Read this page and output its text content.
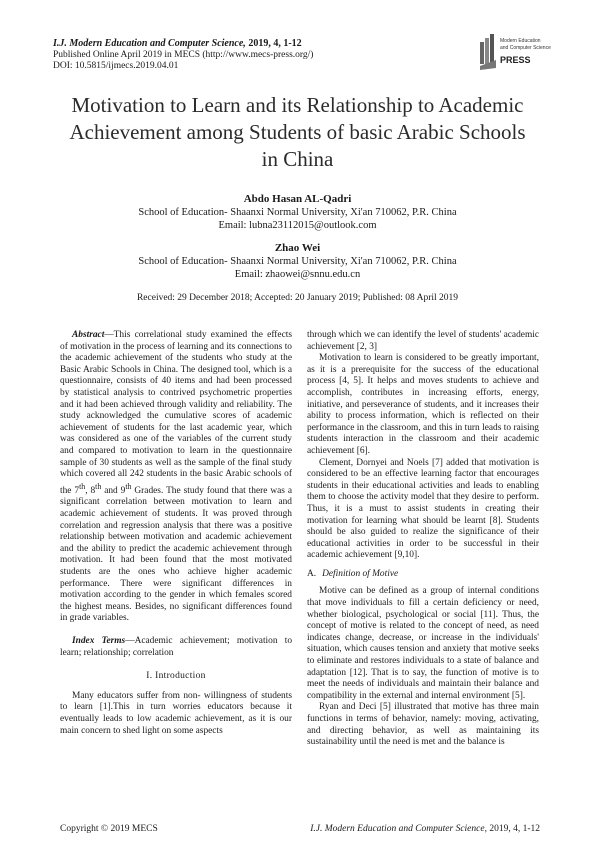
I.J. Modern Education and Computer Science, 2019, 4, 1-12
Published Online April 2019 in MECS (http://www.mecs-press.org/)
DOI: 10.5815/ijmecs.2019.04.01
Modern Education
and Computer Science
PRESS
Motivation to Learn and its Relationship to Academic Achievement among Students of basic Arabic Schools in China
Abdo Hasan AL-Qadri
School of Education- Shaanxi Normal University, Xi'an 710062, P.R. China
Email: lubna23112015@outlook.com
Zhao Wei
School of Education- Shaanxi Normal University, Xi'an 710062, P.R. China
Email: zhaowei@snnu.edu.cn
Received: 29 December 2018; Accepted: 20 January 2019; Published: 08 April 2019

Abstract—This correlational study examined the effects of motivation in the process of learning and its connections to the academic achievement of the students who study at the Basic Arabic Schools in China. The designed tool, which is a questionnaire, consists of 40 items and had been processed by statistical analysis to contrived psychometric properties and it had been achieved through validity and reliability. The study acknowledged the cumulative scores of academic achievement of students for the last academic year, which was considered as one of the variables of the current study and compared to motivation to learn in the questionnaire sample of 30 students as well as the sample of the final study which covered all 242 students in the basic Arabic schools of the 7th, 8th and 9th Grades. The study found that there was a significant correlation between motivation to learn and academic achievement of students. It was proved through correlation and regression analysis that there was a positive relationship between motivation and academic achievement and the ability to predict the academic achievement through motivation. It had been found that the most motivated students are the ones who achieve higher academic performance. There were significant differences in motivation according to the gender in which females scored the highest means. Besides, no significant differences found in grade variables.

Index Terms—Academic achievement; motivation to learn; relationship; correlation

I. Introduction

Many educators suffer from non- willingness of students to learn [1].This in turn worries educators because it eventually leads to low academic achievement, as it is our main concern to shed light on some aspects

through which we can identify the level of students' academic achievement [2, 3]

Motivation to learn is considered to be greatly important, as it is a prerequisite for the success of the educational process [4, 5]. It helps and moves students to achieve and accomplish, contributes in increasing efforts, energy, initiative, and perseverance of students, and it increases their ability to process information, which is reflected on their performance in the classroom, and this in turn leads to raising students interaction in the classroom and their academic achievement [6].

Clement, Dornyei and Noels [7] added that motivation is considered to be an effective learning factor that encourages students in their educational activities and leads to enabling them to choose the activity model that they desire to perform. Thus, it is a must to assist students in creating their motivation for learning what should be learnt [8]. Students should be also guided to realize the significance of their educational activities in order to be successful in their academic achievement [9,10].

A. Definition of Motive

Motive can be defined as a group of internal conditions that move individuals to fill a certain deficiency or need, whether biological, psychological or social [11]. Thus, the concept of motive is related to the concept of need, as need indicates change, decrease, or increase in the individuals' situation, which causes tension and anxiety that motive seeks to eliminate and restores individuals to a state of balance and adaptation [12]. That is to say, the function of motive is to meet the needs of individuals and maintain their balance and compatibility in the external and internal environment [5].

Ryan and Deci [5] illustrated that motive has three main functions in terms of behavior, namely: moving, activating, and directing behavior, as well as maintaining its sustainability until the need is met and the balance is

Copyright © 2019 MECS	I.J. Modern Education and Computer Science, 2019, 4, 1-12
